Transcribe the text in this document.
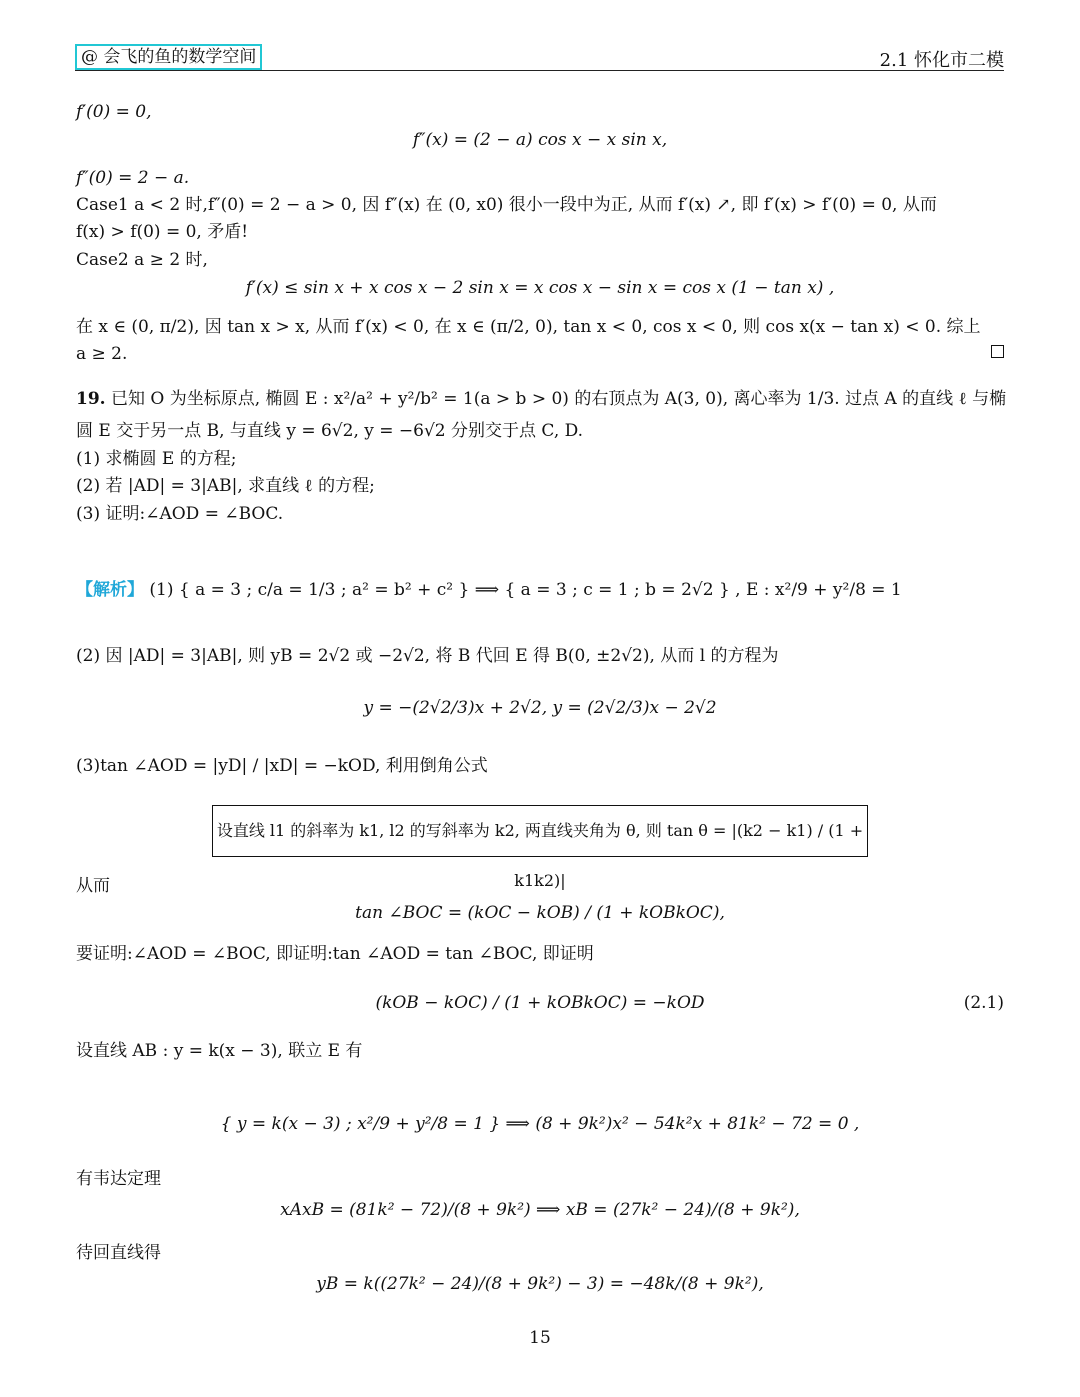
@ 会飞的鱼的数学空间	2.1 怀化市二模
f′(0) = 0,
f″(x) = (2 − a) cos x − x sin x,
f″(0) = 2 − a.
Case1 a < 2 时,f″(0) = 2 − a > 0, 因 f″(x) 在 (0, x0) 很小一段中为正, 从而 f′(x) ↗, 即 f′(x) > f′(0) = 0, 从而
f(x) > f(0) = 0, 矛盾!
Case2 a ≥ 2 时,
f′(x) ≤ sin x + x cos x − 2 sin x = x cos x − sin x = cos x (1 − tan x) ,
在 x ∈ (0, π/2), 因 tan x > x, 从而 f′(x) < 0, 在 x ∈ (π/2, 0), tan x < 0, cos x < 0, 则 cos x(x − tan x) < 0. 综上
a ≥ 2.
19. 已知 O 为坐标原点, 椭圆 E : x²/a² + y²/b² = 1(a > b > 0) 的右顶点为 A(3, 0), 离心率为 1/3. 过点 A 的直线 ℓ 与椭
圆 E 交于另一点 B, 与直线 y = 6√2, y = −6√2 分别交于点 C, D.
(1) 求椭圆 E 的方程;
(2) 若 |AD| = 3|AB|, 求直线 ℓ 的方程;
(3) 证明:∠AOD = ∠BOC.
【解析】 (1) { a = 3 ; c/a = 1/3 ; a² = b² + c² } ⟹ { a = 3 ; c = 1 ; b = 2√2 } , E : x²/9 + y²/8 = 1
(2) 因 |AD| = 3|AB|, 则 yB = 2√2 或 −2√2, 将 B 代回 E 得 B(0, ±2√2), 从而 l 的方程为
y = −(2√2/3)x + 2√2, y = (2√2/3)x − 2√2
(3)tan ∠AOD = |yD| / |xD| = −kOD, 利用倒角公式
设直线 l1 的斜率为 k1, l2 的写斜率为 k2, 两直线夹角为 θ, 则 tan θ = |(k2 − k1) / (1 + k1k2)|
从而
tan ∠BOC = (kOC − kOB) / (1 + kOBkOC),
要证明:∠AOD = ∠BOC, 即证明:tan ∠AOD = tan ∠BOC, 即证明
(kOB − kOC) / (1 + kOBkOC) = −kOD	(2.1)
设直线 AB : y = k(x − 3), 联立 E 有
{ y = k(x − 3) ; x²/9 + y²/8 = 1 } ⟹ (8 + 9k²)x² − 54k²x + 81k² − 72 = 0 ,
有韦达定理
xAxB = (81k² − 72)/(8 + 9k²) ⟹ xB = (27k² − 24)/(8 + 9k²),
待回直线得
yB = k((27k² − 24)/(8 + 9k²) − 3) = −48k/(8 + 9k²),
15
